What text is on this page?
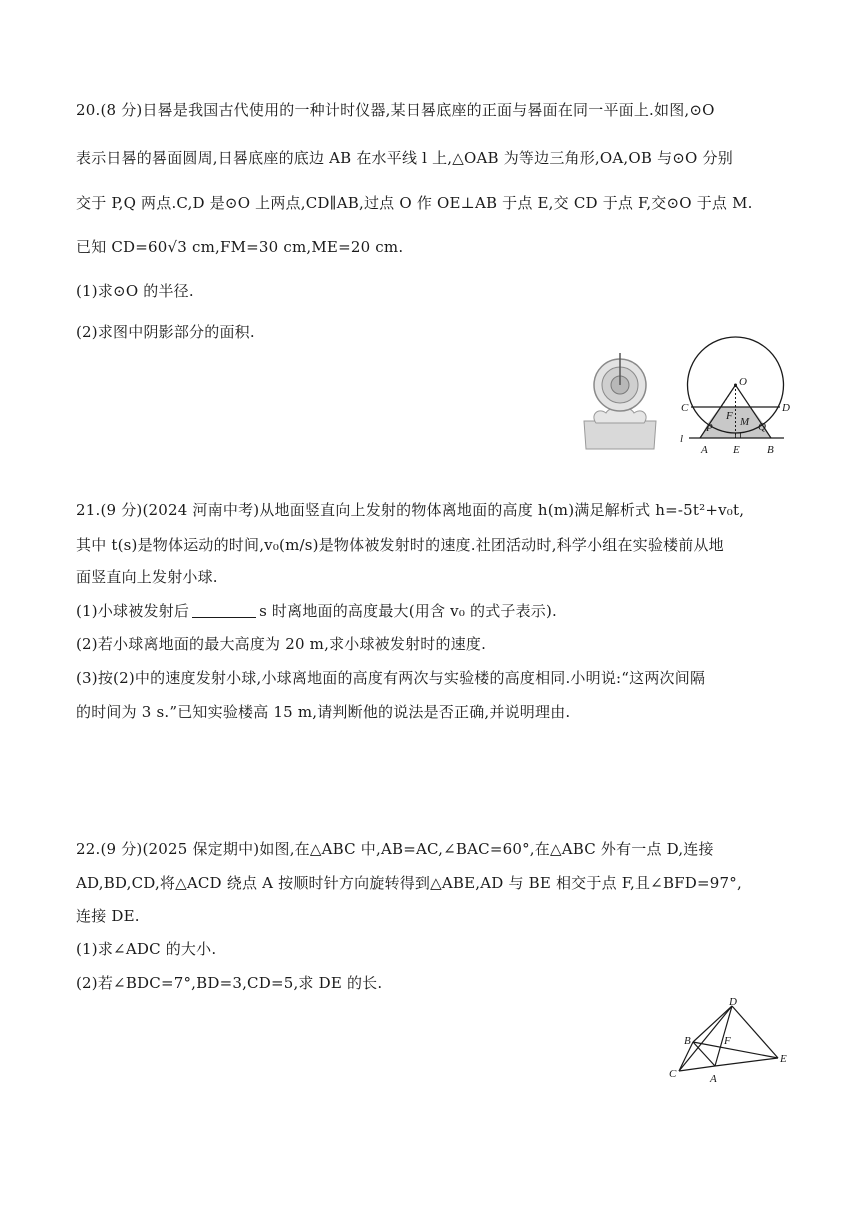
20.(8 分)日晷是我国古代使用的一种计时仪器,某日晷底座的正面与晷面在同一平面上.如图,⊙O
表示日晷的晷面圆周,日晷底座的底边 AB 在水平线 l 上,△OAB 为等边三角形,OA,OB 与⊙O 分别
交于 P,Q 两点.C,D 是⊙O 上两点,CD∥AB,过点 O 作 OE⊥AB 于点 E,交 CD 于点 F,交⊙O 于点 M.
已知 CD=60√3 cm,FM=30 cm,ME=20 cm.
(1)求⊙O 的半径.
(2)求图中阴影部分的面积.
O
C	D
F M
P	Q
l
A E B
21.(9 分)(2024 河南中考)从地面竖直向上发射的物体离地面的高度 h(m)满足解析式 h=-5t²+v₀t,
其中 t(s)是物体运动的时间,v₀(m/s)是物体被发射时的速度.社团活动时,科学小组在实验楼前从地
面竖直向上发射小球.
(1)小球被发射后	s 时离地面的高度最大(用含 v₀ 的式子表示).
(2)若小球离地面的最大高度为 20 m,求小球被发射时的速度.
(3)按(2)中的速度发射小球,小球离地面的高度有两次与实验楼的高度相同.小明说:“这两次间隔
的时间为 3 s.”已知实验楼高 15 m,请判断他的说法是否正确,并说明理由.
22.(9 分)(2025 保定期中)如图,在△ABC 中,AB=AC,∠BAC=60°,在△ABC 外有一点 D,连接
AD,BD,CD,将△ACD 绕点 A 按顺时针方向旋转得到△ABE,AD 与 BE 相交于点 F,且∠BFD=97°,
连接 DE.
(1)求∠ADC 的大小.
(2)若∠BDC=7°,BD=3,CD=5,求 DE 的长.
D
B	F
E
C	A
